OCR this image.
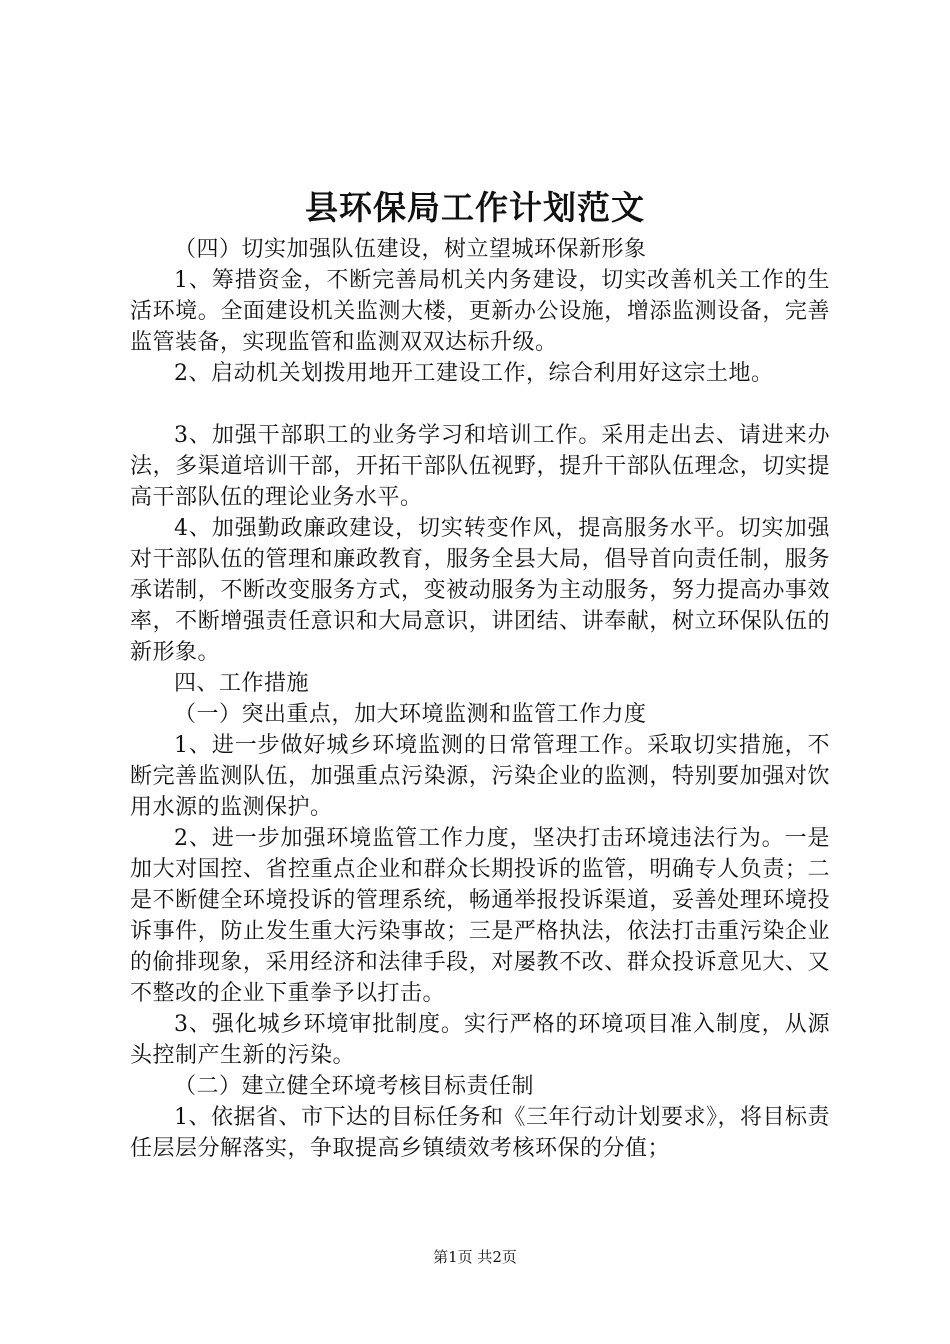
县环保局工作计划范文

（四）切实加强队伍建设，树立望城环保新形象

1、筹措资金，不断完善局机关内务建设，切实改善机关工作的生活环境。全面建设机关监测大楼，更新办公设施，增添监测设备，完善监管装备，实现监管和监测双双达标升级。

2、启动机关划拨用地开工建设工作，综合利用好这宗土地。

3、加强干部职工的业务学习和培训工作。采用走出去、请进来办法，多渠道培训干部，开拓干部队伍视野，提升干部队伍理念，切实提高干部队伍的理论业务水平。

4、加强勤政廉政建设，切实转变作风，提高服务水平。切实加强对干部队伍的管理和廉政教育，服务全县大局，倡导首向责任制，服务承诺制，不断改变服务方式，变被动服务为主动服务，努力提高办事效率，不断增强责任意识和大局意识，讲团结、讲奉献，树立环保队伍的新形象。

四、工作措施

（一）突出重点，加大环境监测和监管工作力度

1、进一步做好城乡环境监测的日常管理工作。采取切实措施，不断完善监测队伍，加强重点污染源，污染企业的监测，特别要加强对饮用水源的监测保护。

2、进一步加强环境监管工作力度，坚决打击环境违法行为。一是加大对国控、省控重点企业和群众长期投诉的监管，明确专人负责；二是不断健全环境投诉的管理系统，畅通举报投诉渠道，妥善处理环境投诉事件，防止发生重大污染事故；三是严格执法，依法打击重污染企业的偷排现象，采用经济和法律手段，对屡教不改、群众投诉意见大、又不整改的企业下重拳予以打击。

3、强化城乡环境审批制度。实行严格的环境项目准入制度，从源头控制产生新的污染。

（二）建立健全环境考核目标责任制

1、依据省、市下达的目标任务和《三年行动计划要求》，将目标责任层层分解落实，争取提高乡镇绩效考核环保的分值；

第1页 共2页
